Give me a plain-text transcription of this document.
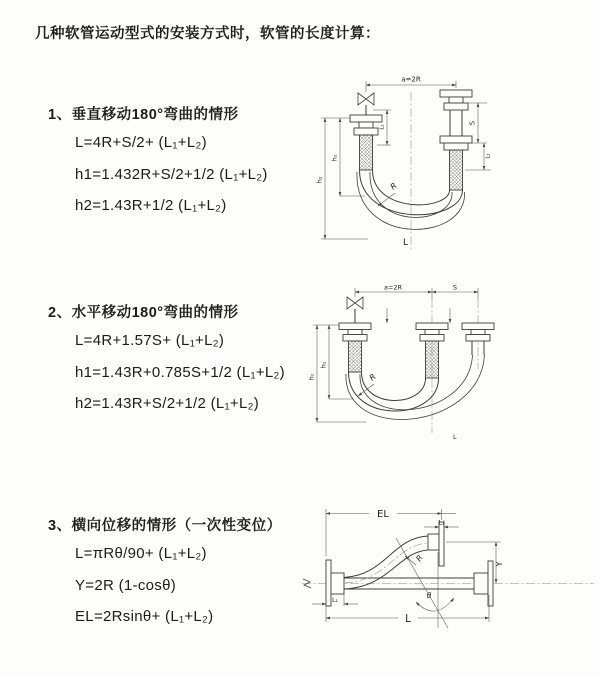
几种软管运动型式的安装方式时，软管的长度计算：
1、垂直移动180°弯曲的情形
L=4R+S/2+ (L₁+L₂)
h1=1.432R+S/2+1/2 (L₁+L₂)
h2=1.43R+1/2 (L₁+L₂)
2、水平移动180°弯曲的情形
L=4R+1.57S+ (L₁+L₂)
h1=1.43R+0.785S+1/2 (L₁+L₂)
h2=1.43R+S/2+1/2 (L₁+L₂)
3、横向位移的情形（一次性变位）
L=πRθ/90+ (L₁+L₂)
Y=2R (1-cosθ)
EL=2Rsinθ+ (L₁+L₂)
a=2R
h₂
h₁
L₁
S
L₂
R
L
a=2R	S
h₁
h₂	R
L
EL
L₁
Y
θ
R
L
L₁
